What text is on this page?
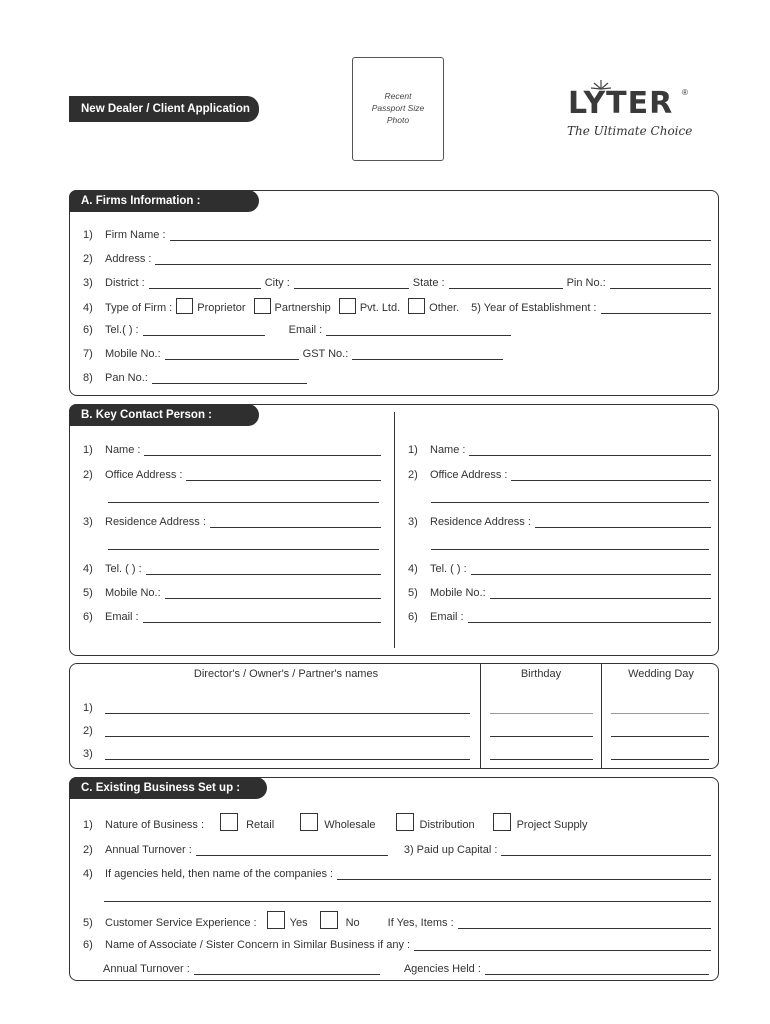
New Dealer / Client Application
Recent
Passport Size
Photo	LYTER ®
The Ultimate Choice
A. Firms Information :
1)	Firm Name :
2)	Address :
3)	District :	City :	State :	Pin No.:
4)	Type of Firm : Proprietor	Partnership	Pvt. Ltd.	Other. 5) Year of Establishment :
6)	Tel.( ) :	Email :
7)	Mobile No.:	GST No.:
8)	Pan No.:
B. Key Contact Person :
1)	Name :
2)	Office Address :
3)	Residence Address :
4)	Tel. ( ) :
5)	Mobile No.:
6)	Email :
1)	Name :
2)	Office Address :
3)	Residence Address :
4)	Tel. ( ) :
5)	Mobile No.:
6)	Email :
Director's / Owner's / Partner's names	Birthday	Wedding Day
1)
2)
3)
C. Existing Business Set up :
1)	Nature of Business :	Retail	Wholesale	Distribution	Project Supply
2)	Annual Turnover :	3) Paid up Capital :
4)	If agencies held, then name of the companies :
5)	Customer Service Experience :	Yes	No	If Yes, Items :
6)	Name of Associate / Sister Concern in Similar Business if any :
Annual Turnover :	Agencies Held :
